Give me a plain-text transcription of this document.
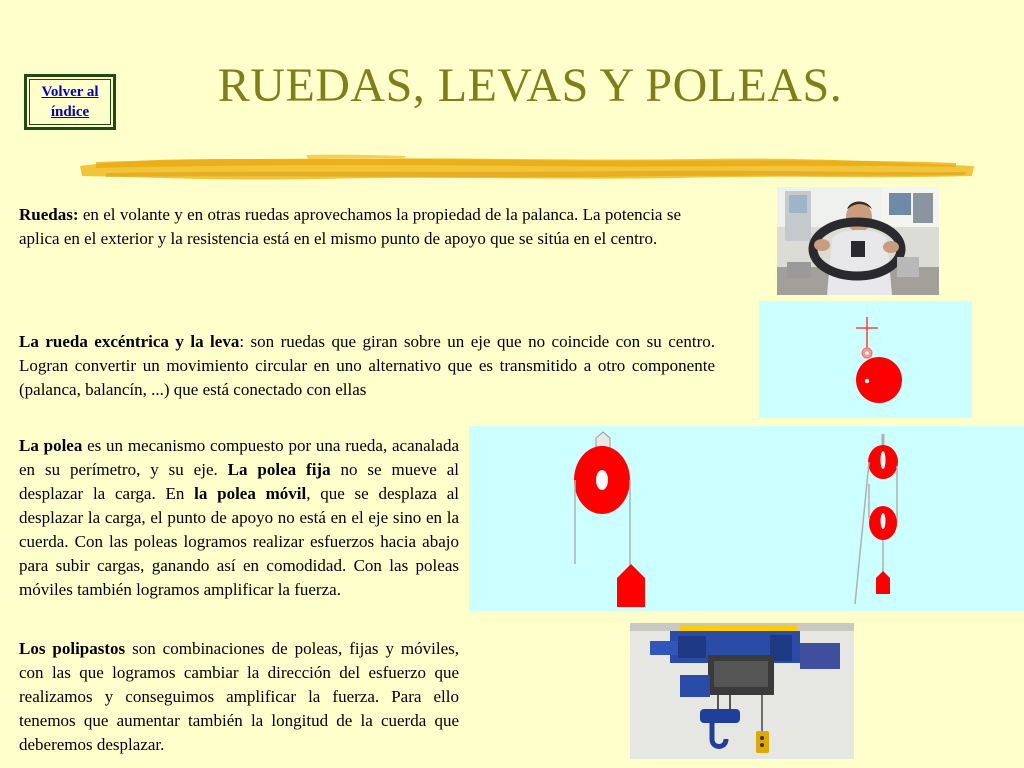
Volver al
índice	RUEDAS, LEVAS Y POLEAS.

Ruedas: en el volante y en otras ruedas aprovechamos la propiedad de la palanca. La potencia se aplica en el exterior y la resistencia está en el mismo punto de apoyo que se sitúa en el centro.

La rueda excéntrica y la leva: son ruedas que giran sobre un eje que no coincide con su centro. Logran convertir un movimiento circular en uno alternativo que es transmitido a otro componente (palanca, balancín, ...) que está conectado con ellas

La polea es un mecanismo compuesto por una rueda, acanalada en su perímetro, y su eje. La polea fija no se mueve al desplazar la carga. En la polea móvil, que se desplaza al desplazar la carga, el punto de apoyo no está en el eje sino en la cuerda. Con las poleas logramos realizar esfuerzos hacia abajo para subir cargas, ganando así en comodidad. Con las poleas móviles también logramos amplificar la fuerza.

Los polipastos son combinaciones de poleas, fijas y móviles, con las que logramos cambiar la dirección del esfuerzo que realizamos y conseguimos amplificar la fuerza. Para ello tenemos que aumentar también la longitud de la cuerda que deberemos desplazar.
